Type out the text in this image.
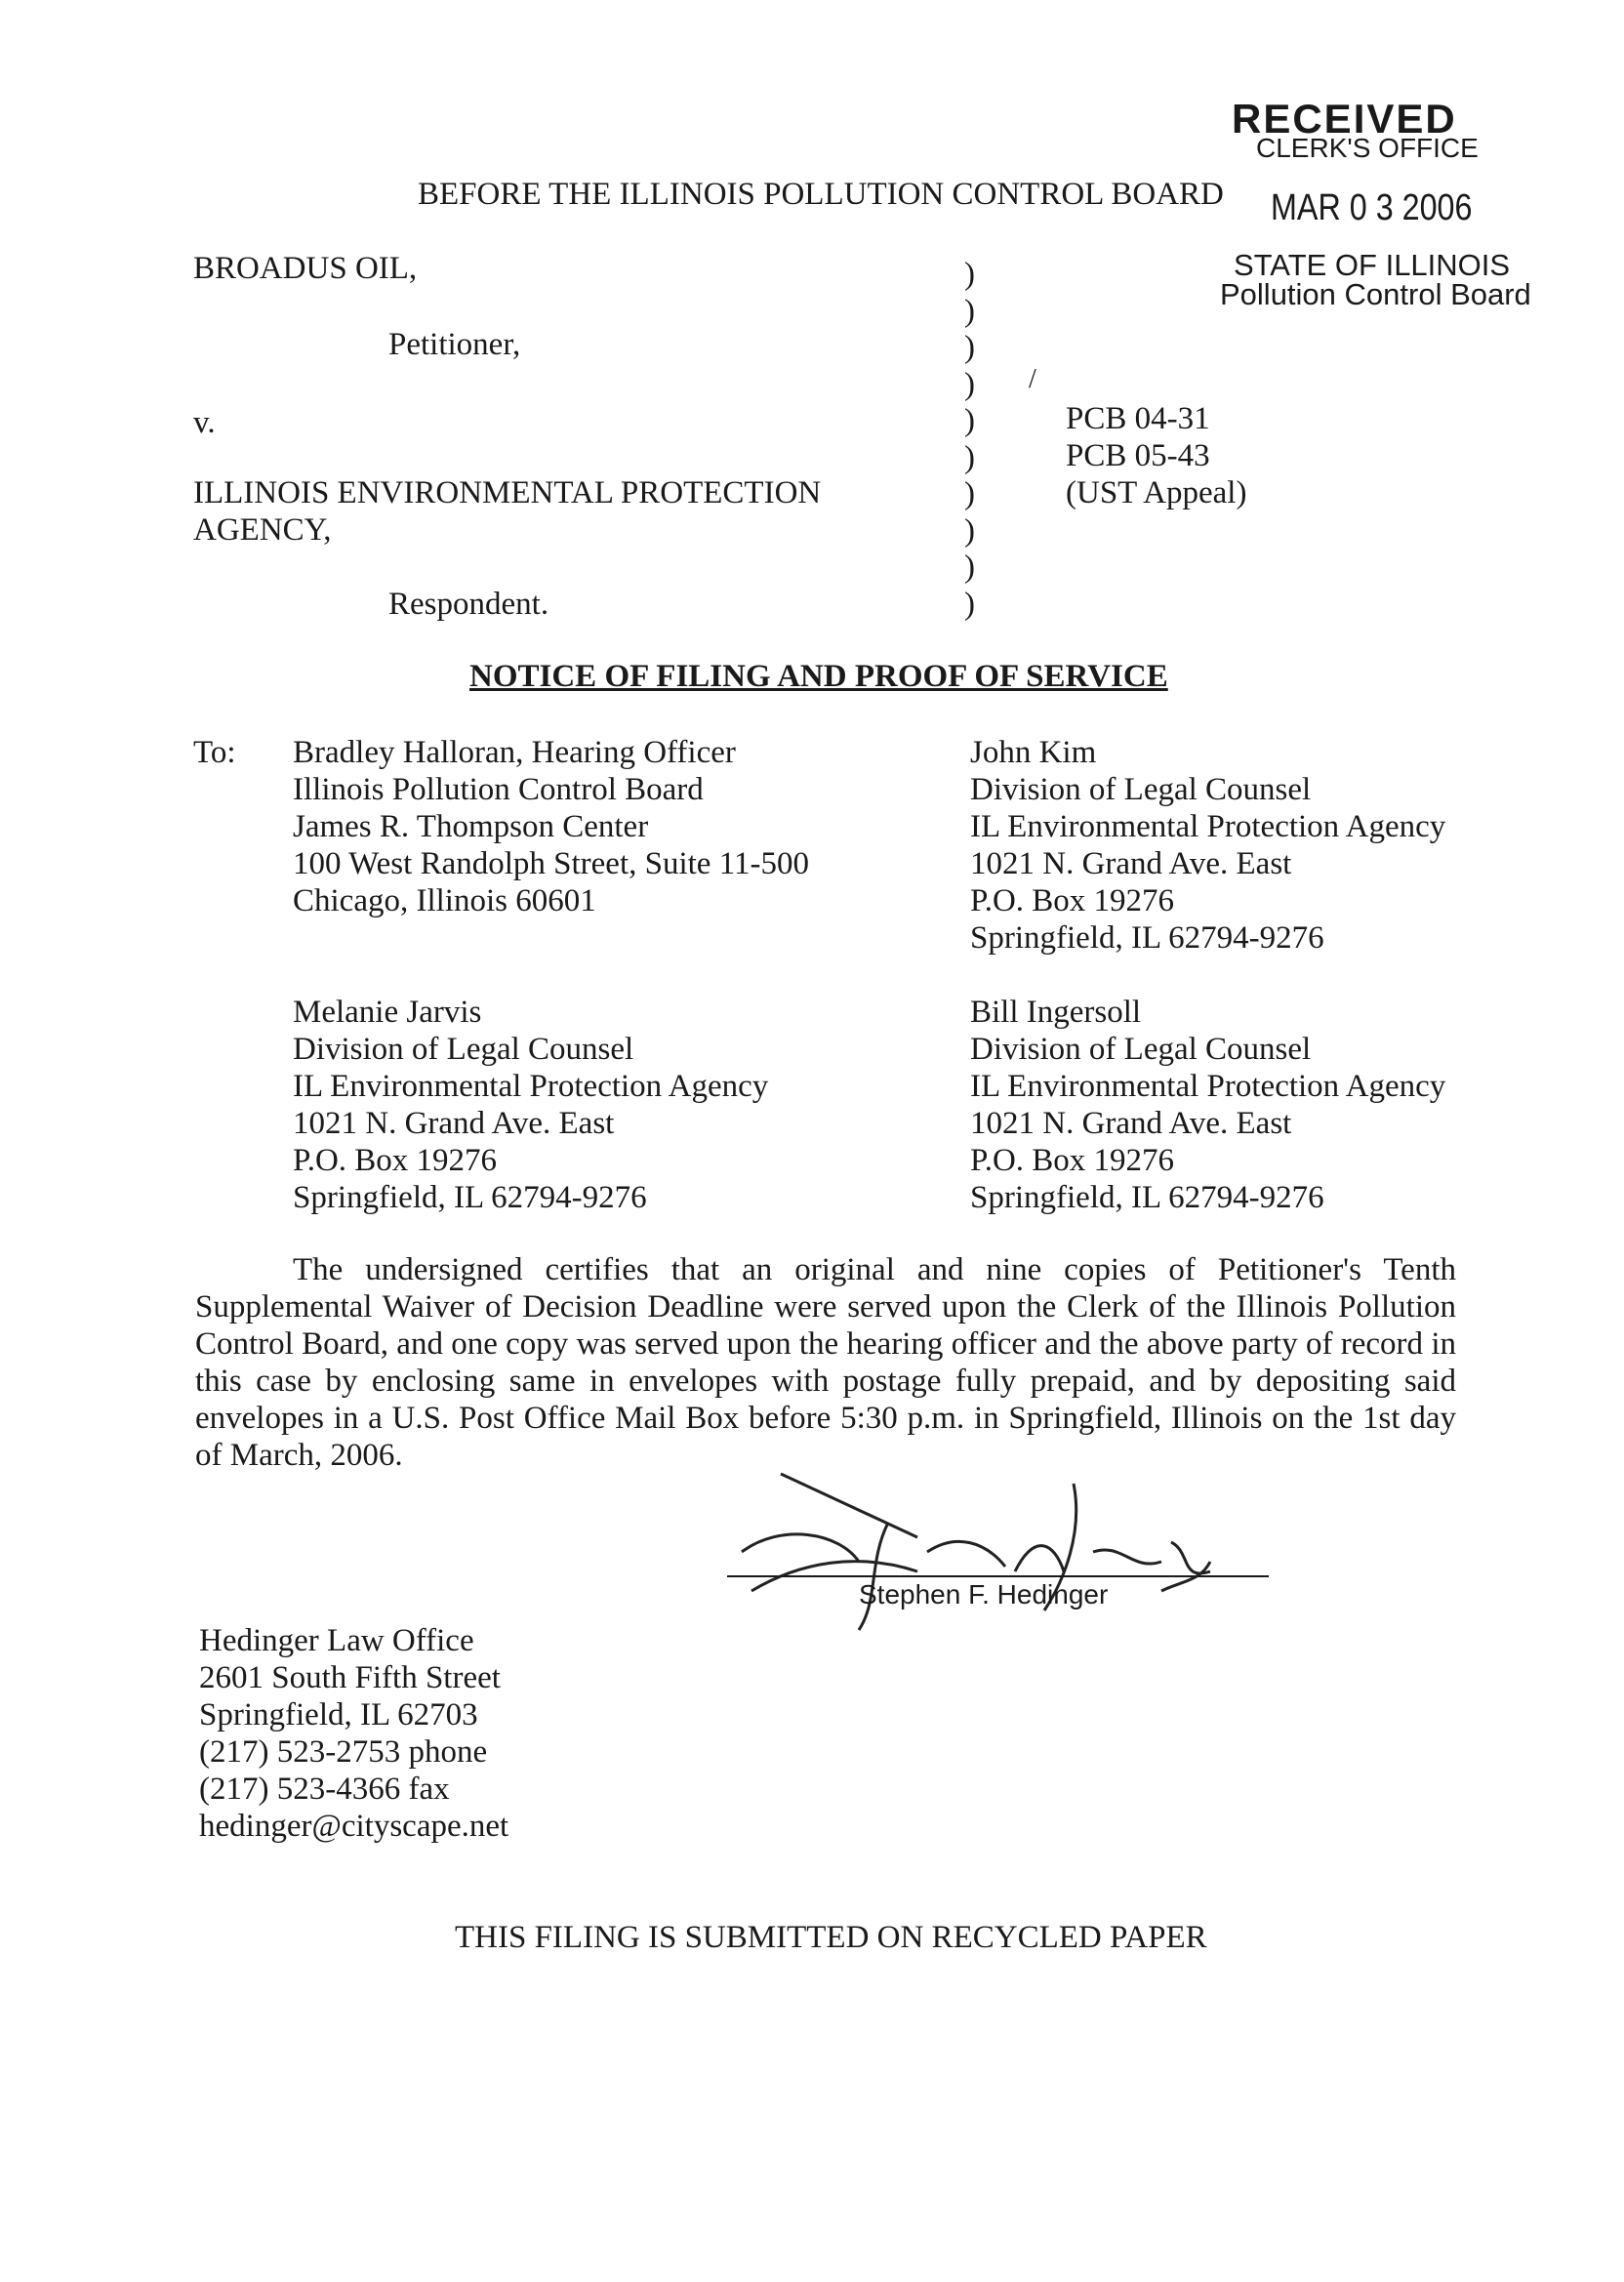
RECEIVED
CLERK'S OFFICE
MAR 0 3 2006
STATE OF ILLINOIS
Pollution Control Board
BEFORE THE ILLINOIS POLLUTION CONTROL BOARD
BROADUS OIL,
Petitioner,
v.
ILLINOIS ENVIRONMENTAL PROTECTION
AGENCY,
Respondent.
)
)
)
)
)
)
)
)
)
)
/
PCB 04-31
PCB 05-43
(UST Appeal)
NOTICE OF FILING AND PROOF OF SERVICE
To: Bradley Halloran, Hearing Officer
Illinois Pollution Control Board
James R. Thompson Center
100 West Randolph Street, Suite 11-500
Chicago, Illinois 60601
John Kim
Division of Legal Counsel
IL Environmental Protection Agency
1021 N. Grand Ave. East
P.O. Box 19276
Springfield, IL 62794-9276
Melanie Jarvis
Division of Legal Counsel
IL Environmental Protection Agency
1021 N. Grand Ave. East
P.O. Box 19276
Springfield, IL 62794-9276
Bill Ingersoll
Division of Legal Counsel
IL Environmental Protection Agency
1021 N. Grand Ave. East
P.O. Box 19276
Springfield, IL 62794-9276
The undersigned certifies that an original and nine copies of Petitioner's Tenth Supplemental Waiver of Decision Deadline were served upon the Clerk of the Illinois Pollution Control Board, and one copy was served upon the hearing officer and the above party of record in this case by enclosing same in envelopes with postage fully prepaid, and by depositing said envelopes in a U.S. Post Office Mail Box before 5:30 p.m. in Springfield, Illinois on the 1st day of March, 2006.
Stephen F. Hedinger
Hedinger Law Office
2601 South Fifth Street
Springfield, IL 62703
(217) 523-2753 phone
(217) 523-4366 fax
hedinger@cityscape.net
THIS FILING IS SUBMITTED ON RECYCLED PAPER
